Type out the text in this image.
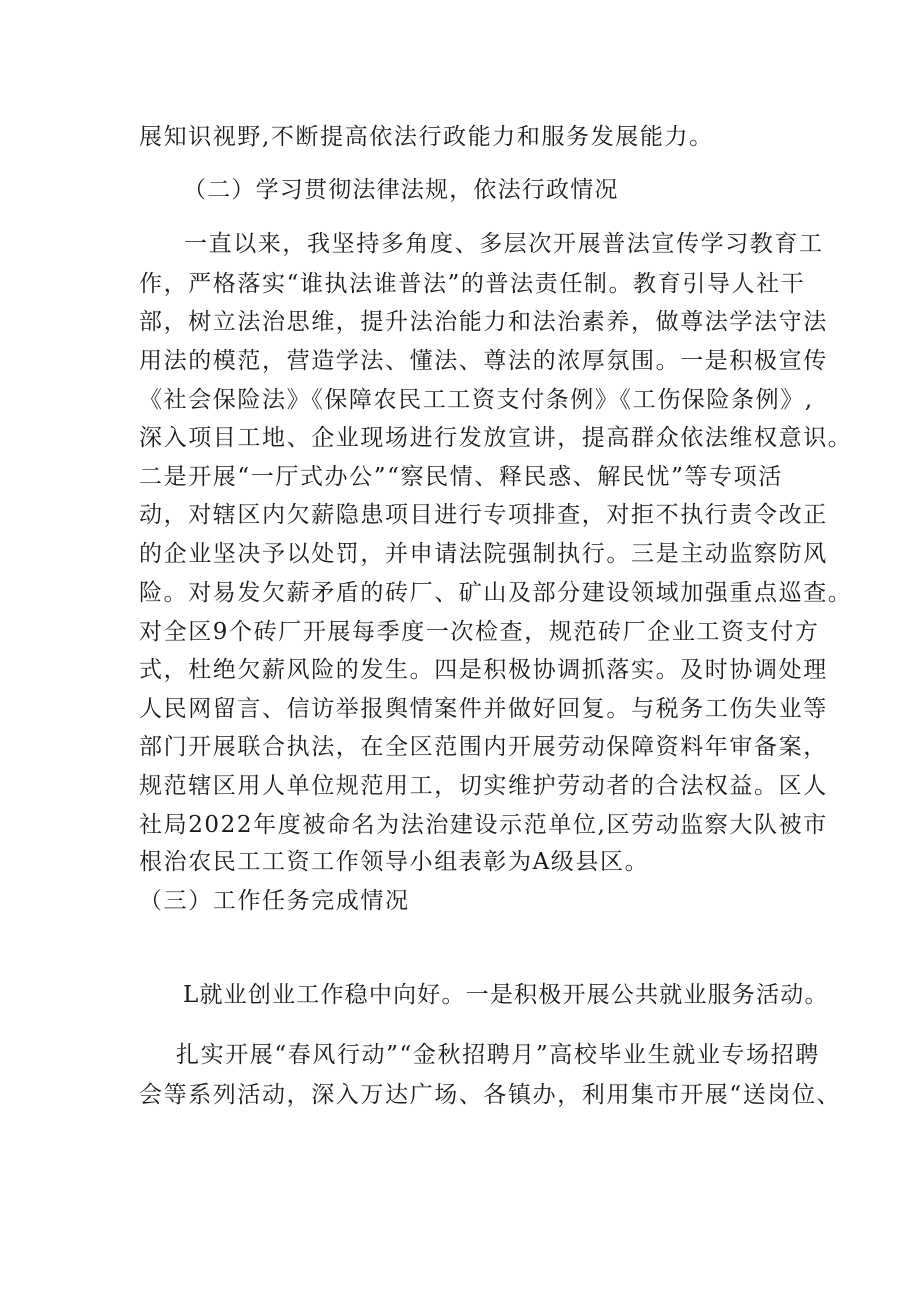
展知识视野,不断提高依法行政能力和服务发展能力。
（二）学习贯彻法律法规，依法行政情况
一直以来，我坚持多角度、多层次开展普法宣传学习教育工
作，严格落实“谁执法谁普法”的普法责任制。教育引导人社干
部，树立法治思维，提升法治能力和法治素养，做尊法学法守法
用法的模范，营造学法、懂法、尊法的浓厚氛围。一是积极宣传
《社会保险法》《保障农民工工资支付条例》《工伤保险条例》,
深入项目工地、企业现场进行发放宣讲，提高群众依法维权意识。
二是开展“一厅式办公”“察民情、释民惑、解民忧”等专项活
动，对辖区内欠薪隐患项目进行专项排查，对拒不执行责令改正
的企业坚决予以处罚，并申请法院强制执行。三是主动监察防风
险。对易发欠薪矛盾的砖厂、矿山及部分建设领域加强重点巡查。
对全区9个砖厂开展每季度一次检查，规范砖厂企业工资支付方
式，杜绝欠薪风险的发生。四是积极协调抓落实。及时协调处理
人民网留言、信访举报舆情案件并做好回复。与税务工伤失业等
部门开展联合执法，在全区范围内开展劳动保障资料年审备案，
规范辖区用人单位规范用工，切实维护劳动者的合法权益。区人
社局2022年度被命名为法治建设示范单位,区劳动监察大队被市
根治农民工工资工作领导小组表彰为A级县区。
（三）工作任务完成情况
L就业创业工作稳中向好。一是积极开展公共就业服务活动。
扎实开展“春风行动”“金秋招聘月”高校毕业生就业专场招聘
会等系列活动，深入万达广场、各镇办，利用集市开展“送岗位、
